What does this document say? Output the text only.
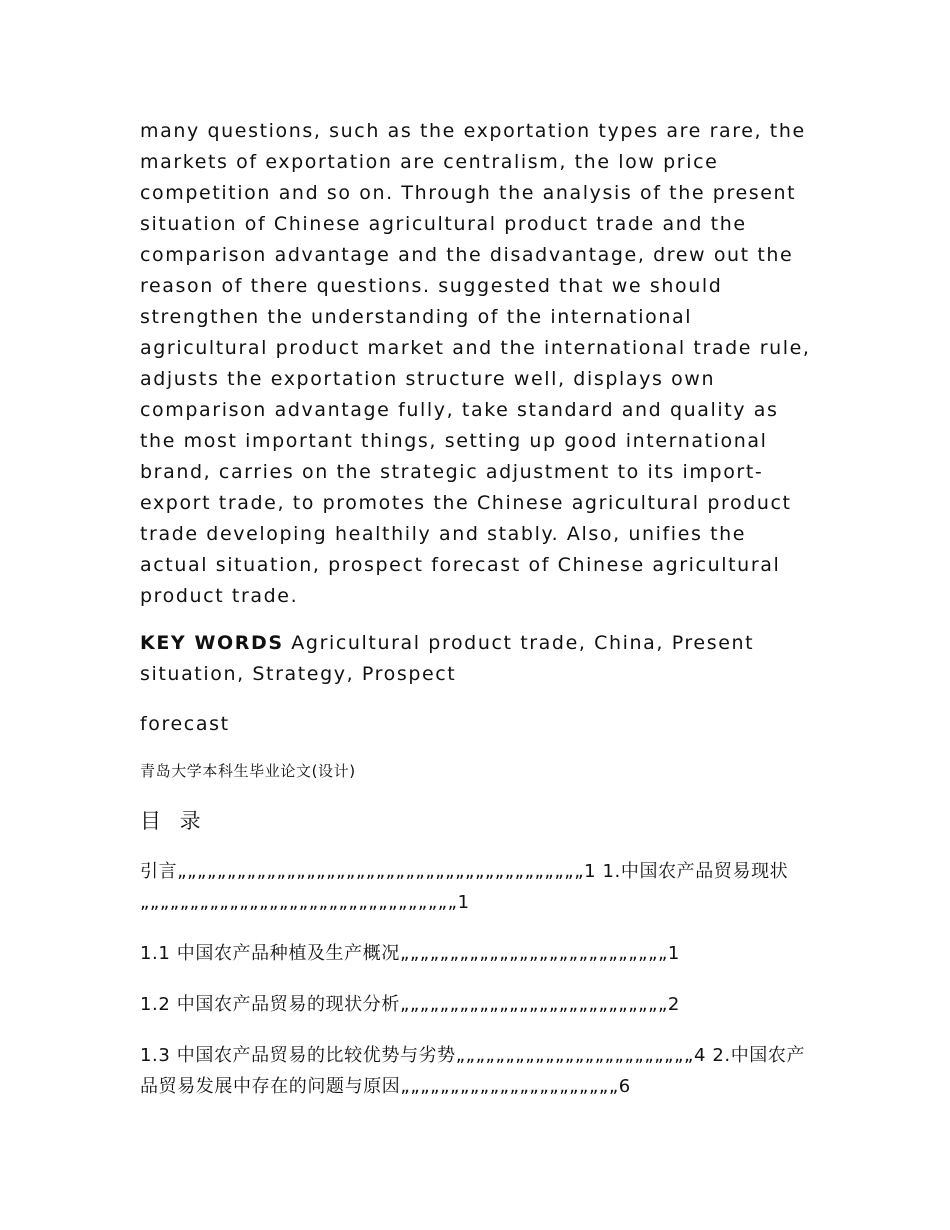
many questions, such as the exportation types are rare, the markets of exportation are centralism, the low price competition and so on. Through the analysis of the present situation of Chinese agricultural product trade and the comparison advantage and the disadvantage, drew out the reason of there questions. suggested that we should strengthen the understanding of the international agricultural product market and the international trade rule, adjusts the exportation structure well, displays own comparison advantage fully, take standard and quality as the most important things, setting up good international brand, carries on the strategic adjustment to its import-export trade, to promotes the Chinese agricultural product trade developing healthily and stably. Also, unifies the actual situation, prospect forecast of Chinese agricultural product trade.

KEY WORDS Agricultural product trade, China, Present situation, Strategy, Prospect

forecast

青岛大学本科生毕业论文(设计)

目 录

引言„„„„„„„„„„„„„„„„„„„„„„„„„„„„„„„„„„„„„„„„„1 1.中国农产品贸易现状„„„„„„„„„„„„„„„„„„„„„„„„„„„„„„„„1

1.1 中国农产品种植及生产概况„„„„„„„„„„„„„„„„„„„„„„„„„„„1

1.2 中国农产品贸易的现状分析„„„„„„„„„„„„„„„„„„„„„„„„„„„2

1.3 中国农产品贸易的比较优势与劣势„„„„„„„„„„„„„„„„„„„„„„„„4 2.中国农产品贸易发展中存在的问题与原因„„„„„„„„„„„„„„„„„„„„„„6
